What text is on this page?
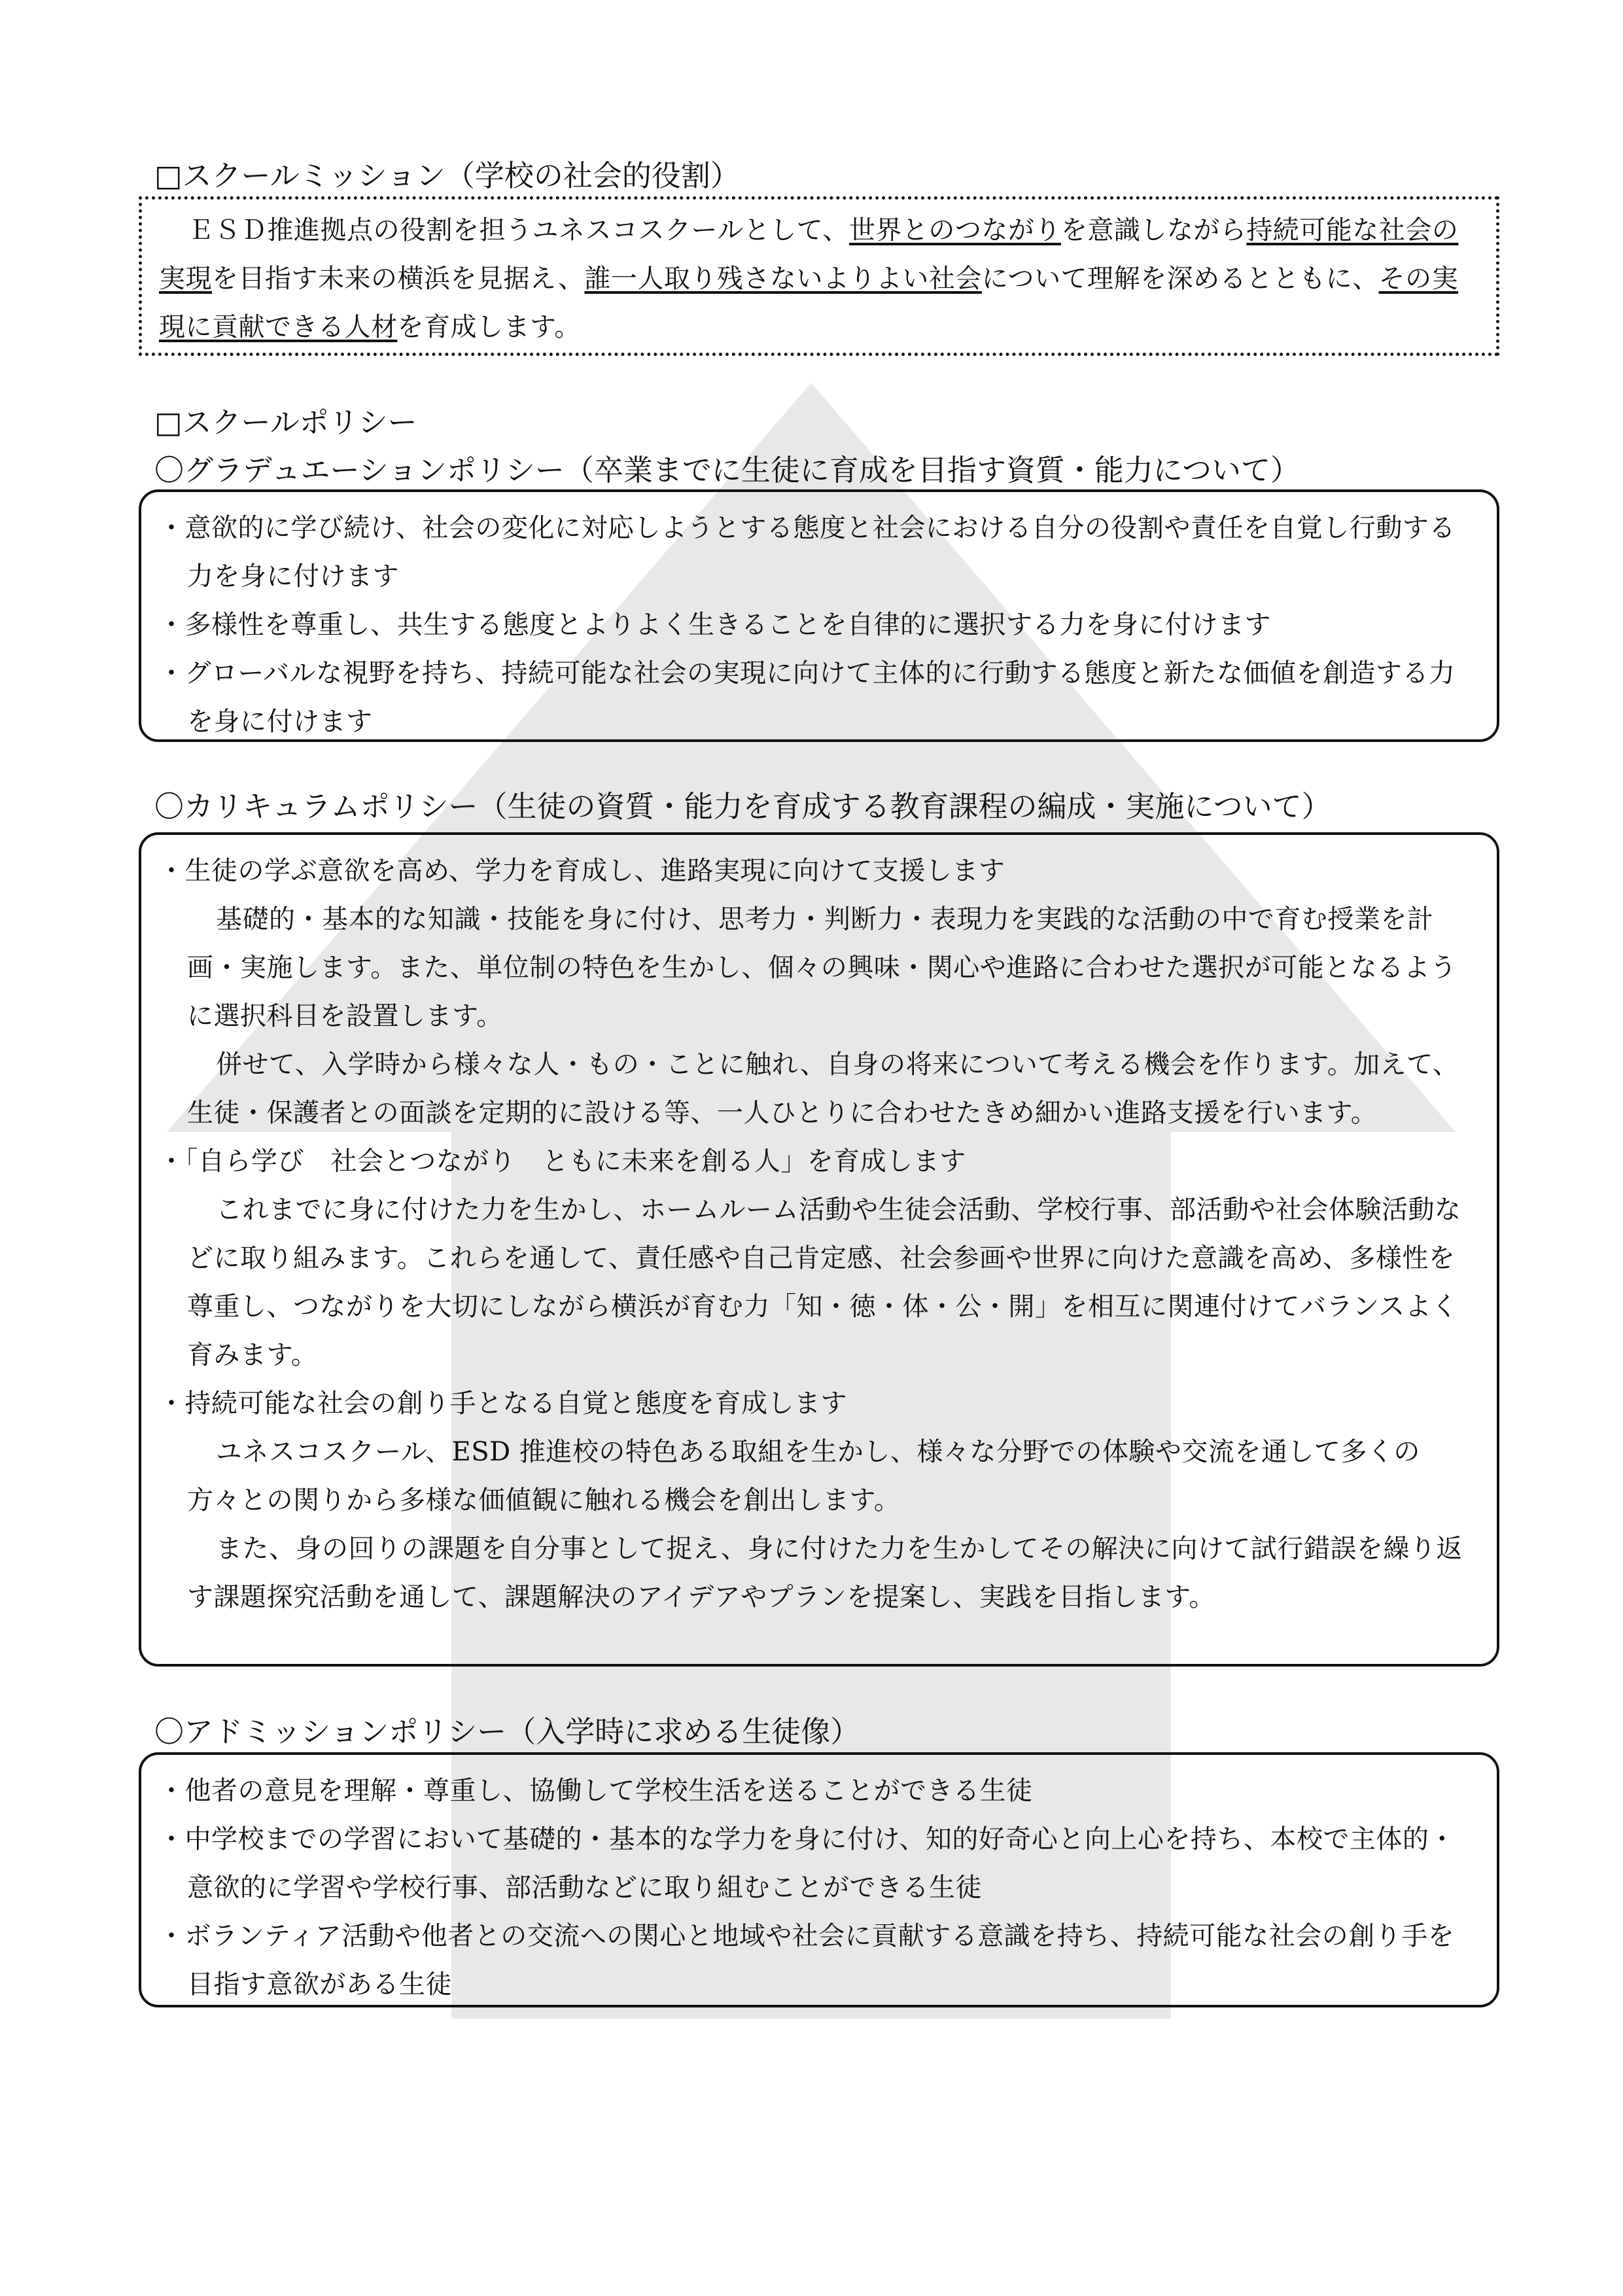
□スクールミッション（学校の社会的役割）
ＥＳＤ推進拠点の役割を担うユネスコスクールとして、世界とのつながりを意識しながら持続可能な社会の実現を目指す未来の横浜を見据え、誰一人取り残さないよりよい社会について理解を深めるとともに、その実現に貢献できる人材を育成します。
□スクールポリシー
〇グラデュエーションポリシー（卒業までに生徒に育成を目指す資質・能力について）
・意欲的に学び続け、社会の変化に対応しようとする態度と社会における自分の役割や責任を自覚し行動する力を身に付けます
・多様性を尊重し、共生する態度とよりよく生きることを自律的に選択する力を身に付けます
・グローバルな視野を持ち、持続可能な社会の実現に向けて主体的に行動する態度と新たな価値を創造する力を身に付けます
〇カリキュラムポリシー（生徒の資質・能力を育成する教育課程の編成・実施について）
・生徒の学ぶ意欲を高め、学力を育成し、進路実現に向けて支援します
基礎的・基本的な知識・技能を身に付け、思考力・判断力・表現力を実践的な活動の中で育む授業を計画・実施します。また、単位制の特色を生かし、個々の興味・関心や進路に合わせた選択が可能となるように選択科目を設置します。
併せて、入学時から様々な人・もの・ことに触れ、自身の将来について考える機会を作ります。加えて、生徒・保護者との面談を定期的に設ける等、一人ひとりに合わせたきめ細かい進路支援を行います。
・「自ら学び　社会とつながり　ともに未来を創る人」を育成します
これまでに身に付けた力を生かし、ホームルーム活動や生徒会活動、学校行事、部活動や社会体験活動などに取り組みます。これらを通して、責任感や自己肯定感、社会参画や世界に向けた意識を高め、多様性を尊重し、つながりを大切にしながら横浜が育む力「知・徳・体・公・開」を相互に関連付けてバランスよく育みます。
・持続可能な社会の創り手となる自覚と態度を育成します
ユネスコスクール、ESD 推進校の特色ある取組を生かし、様々な分野での体験や交流を通して多くの方々との関りから多様な価値観に触れる機会を創出します。
また、身の回りの課題を自分事として捉え、身に付けた力を生かしてその解決に向けて試行錯誤を繰り返す課題探究活動を通して、課題解決のアイデアやプランを提案し、実践を目指します。
〇アドミッションポリシー（入学時に求める生徒像）
・他者の意見を理解・尊重し、協働して学校生活を送ることができる生徒
・中学校までの学習において基礎的・基本的な学力を身に付け、知的好奇心と向上心を持ち、本校で主体的・意欲的に学習や学校行事、部活動などに取り組むことができる生徒
・ボランティア活動や他者との交流への関心と地域や社会に貢献する意識を持ち、持続可能な社会の創り手を目指す意欲がある生徒
